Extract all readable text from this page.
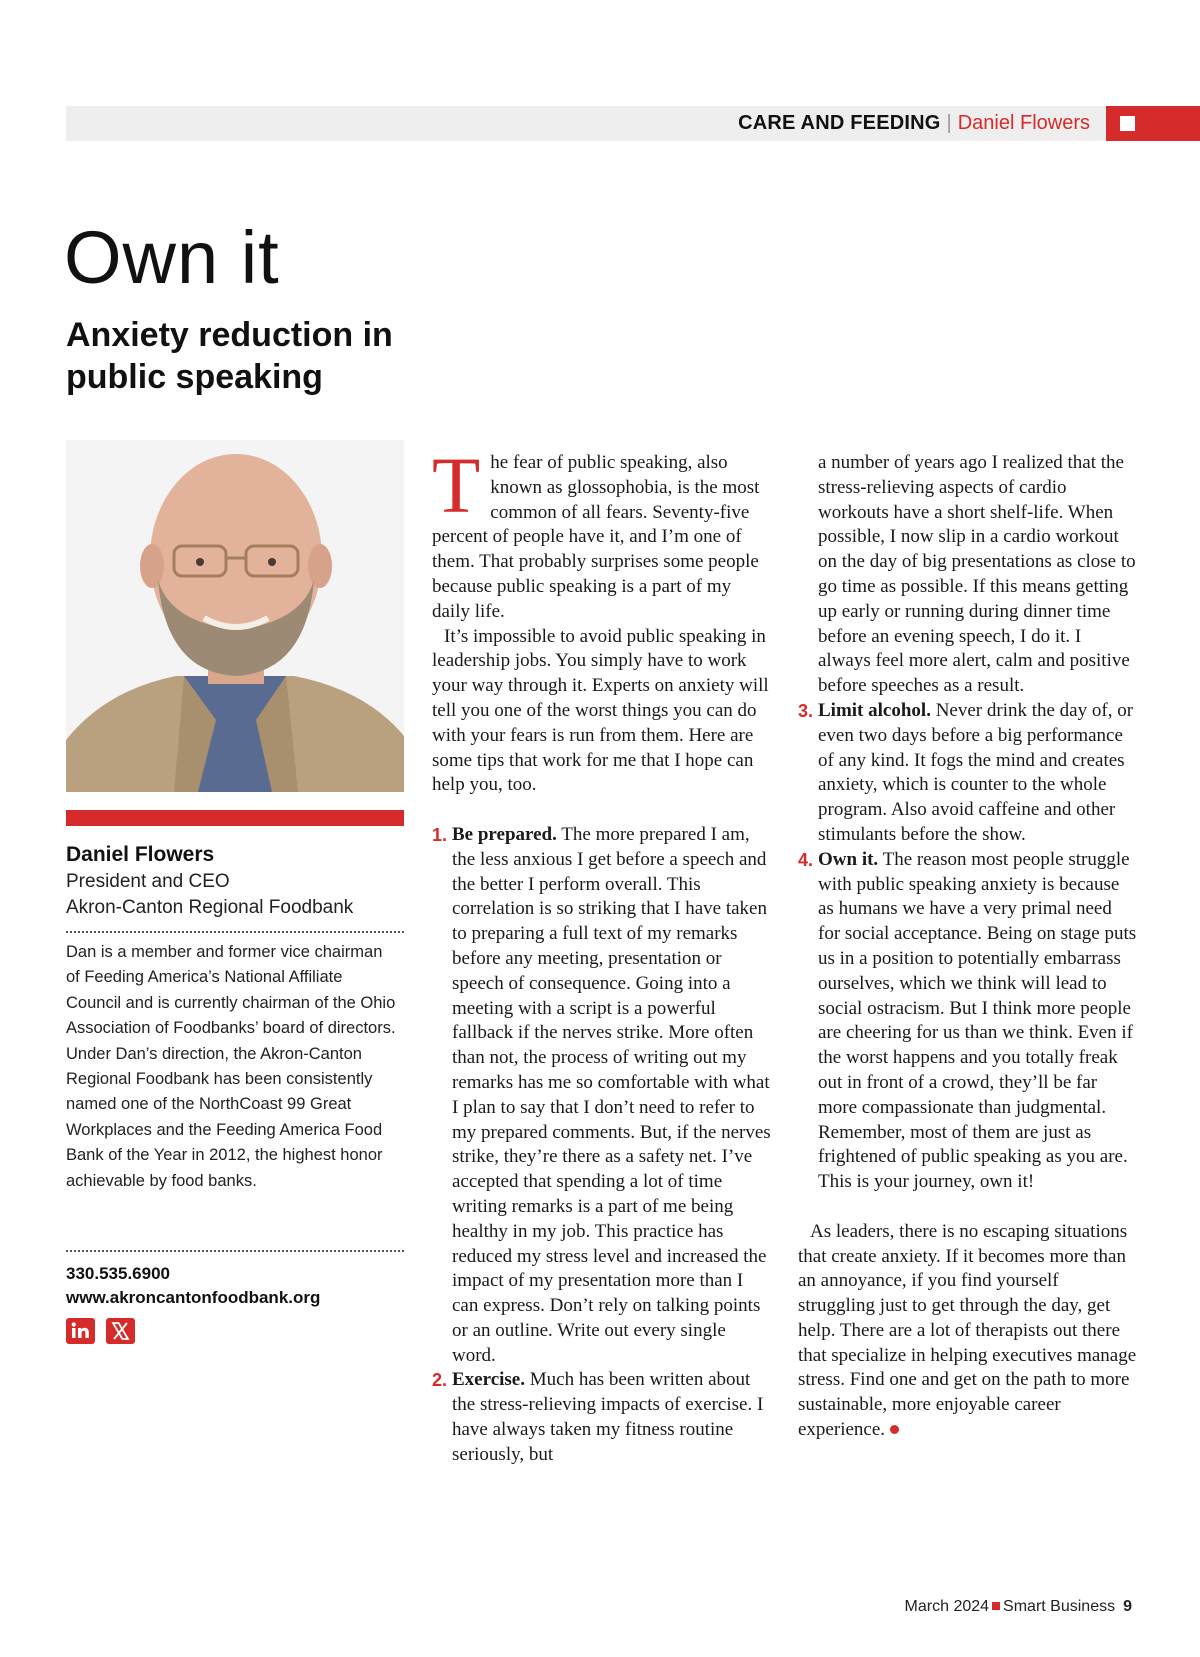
CARE AND FEEDING | Daniel Flowers
Own it
Anxiety reduction in public speaking
Daniel Flowers
President and CEO
Akron-Canton Regional Foodbank
Dan is a member and former vice chairman of Feeding America’s National Affiliate Council and is currently chairman of the Ohio Association of Foodbanks’ board of directors. Under Dan’s direction, the Akron-Canton Regional Foodbank has been consistently named one of the NorthCoast 99 Great Workplaces and the Feeding America Food Bank of the Year in 2012, the highest honor achievable by food banks.
330.535.6900
www.akroncantonfoodbank.org

The fear of public speaking, also known as glossophobia, is the most common of all fears. Seventy-five percent of people have it, and I’m one of them. That probably surprises some people because public speaking is a part of my daily life.

It’s impossible to avoid public speaking in leadership jobs. You simply have to work your way through it. Experts on anxiety will tell you one of the worst things you can do with your fears is run from them. Here are some tips that work for me that I hope can help you, too.

1. Be prepared. The more prepared I am, the less anxious I get before a speech and the better I perform overall. This correlation is so striking that I have taken to preparing a full text of my remarks before any meeting, presentation or speech of consequence. Going into a meeting with a script is a powerful fallback if the nerves strike. More often than not, the process of writing out my remarks has me so comfortable with what I plan to say that I don’t need to refer to my prepared comments. But, if the nerves strike, they’re there as a safety net. I’ve accepted that spending a lot of time writing remarks is a part of me being healthy in my job. This practice has reduced my stress level and increased the impact of my presentation more than I can express. Don’t rely on talking points or an outline. Write out every single word.

2. Exercise. Much has been written about the stress-relieving impacts of exercise. I have always taken my fitness routine seriously, but

a number of years ago I realized that the stress-relieving aspects of cardio workouts have a short shelf-life. When possible, I now slip in a cardio workout on the day of big presentations as close to go time as possible. If this means getting up early or running during dinner time before an evening speech, I do it. I always feel more alert, calm and positive before speeches as a result.

3. Limit alcohol. Never drink the day of, or even two days before a big performance of any kind. It fogs the mind and creates anxiety, which is counter to the whole program. Also avoid caffeine and other stimulants before the show.

4. Own it. The reason most people struggle with public speaking anxiety is because as humans we have a very primal need for social acceptance. Being on stage puts us in a position to potentially embarrass ourselves, which we think will lead to social ostracism. But I think more people are cheering for us than we think. Even if the worst happens and you totally freak out in front of a crowd, they’ll be far more compassionate than judgmental. Remember, most of them are just as frightened of public speaking as you are. This is your journey, own it!

As leaders, there is no escaping situations that create anxiety. If it becomes more than an annoyance, if you find yourself struggling just to get through the day, get help. There are a lot of therapists out there that specialize in helping executives manage stress. Find one and get on the path to more sustainable, more enjoyable career experience.

March 2024 Smart Business 9
